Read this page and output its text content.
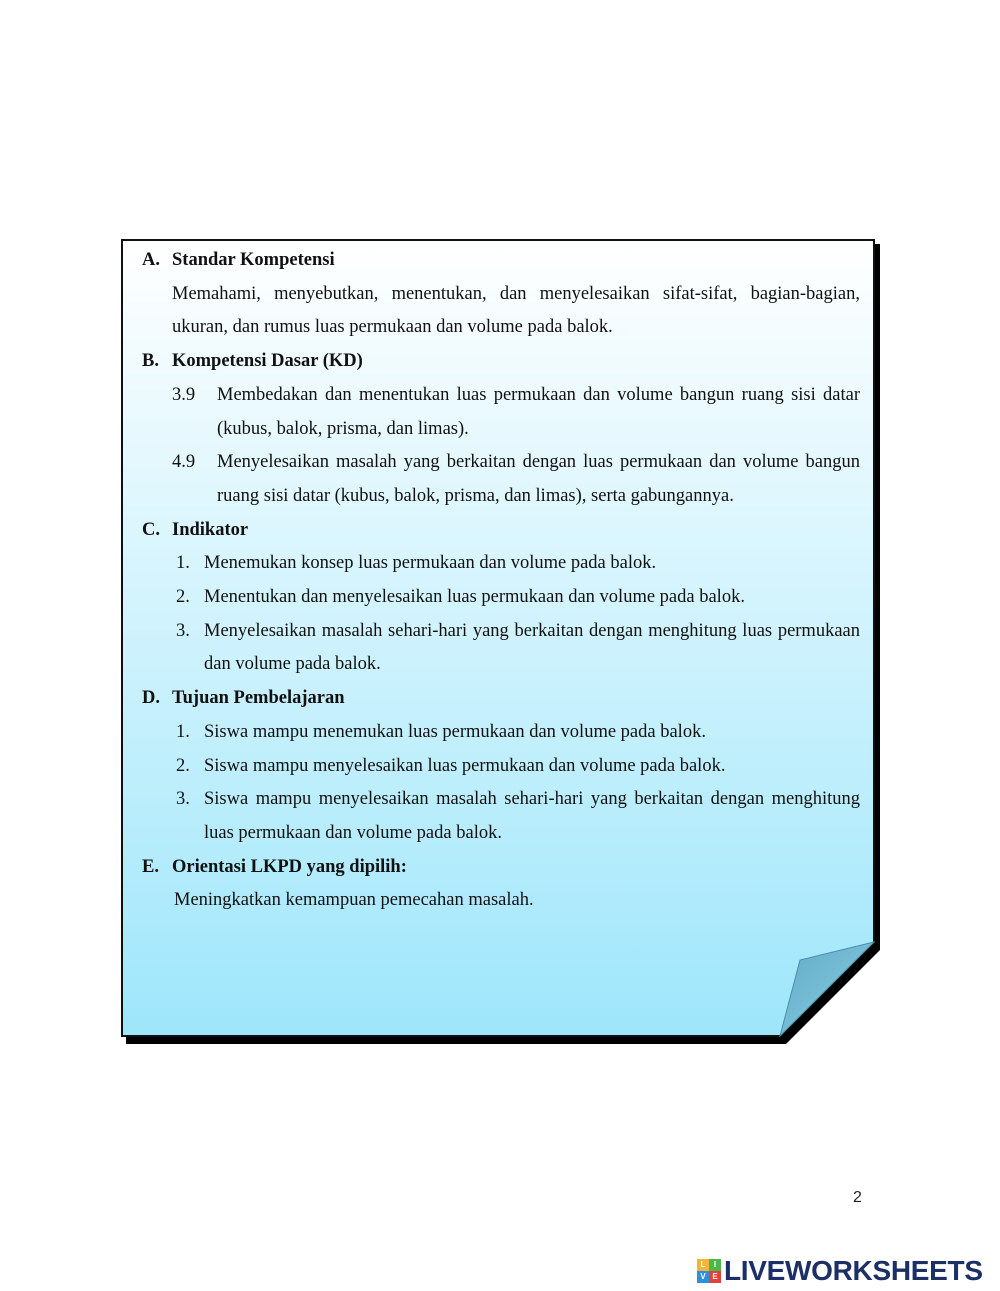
A. Standar Kompetensi
Memahami, menyebutkan, menentukan, dan menyelesaikan sifat-sifat, bagian-bagian, ukuran, dan rumus luas permukaan dan volume pada balok.
B. Kompetensi Dasar (KD)
3.9	Membedakan dan menentukan luas permukaan dan volume bangun ruang sisi datar (kubus, balok, prisma, dan limas).
4.9	Menyelesaikan masalah yang berkaitan dengan luas permukaan dan volume bangun ruang sisi datar (kubus, balok, prisma, dan limas), serta gabungannya.
C. Indikator
1. Menemukan konsep luas permukaan dan volume pada balok.
2. Menentukan dan menyelesaikan luas permukaan dan volume pada balok.
3. Menyelesaikan masalah sehari-hari yang berkaitan dengan menghitung luas permukaan dan volume pada balok.
D. Tujuan Pembelajaran
1. Siswa mampu menemukan luas permukaan dan volume pada balok.
2. Siswa mampu menyelesaikan luas permukaan dan volume pada balok.
3. Siswa mampu menyelesaikan masalah sehari-hari yang berkaitan dengan menghitung luas permukaan dan volume pada balok.
E. Orientasi LKPD yang dipilih:
Meningkatkan kemampuan pemecahan masalah.
2
L	I
V E LIVEWORKSHEETS
